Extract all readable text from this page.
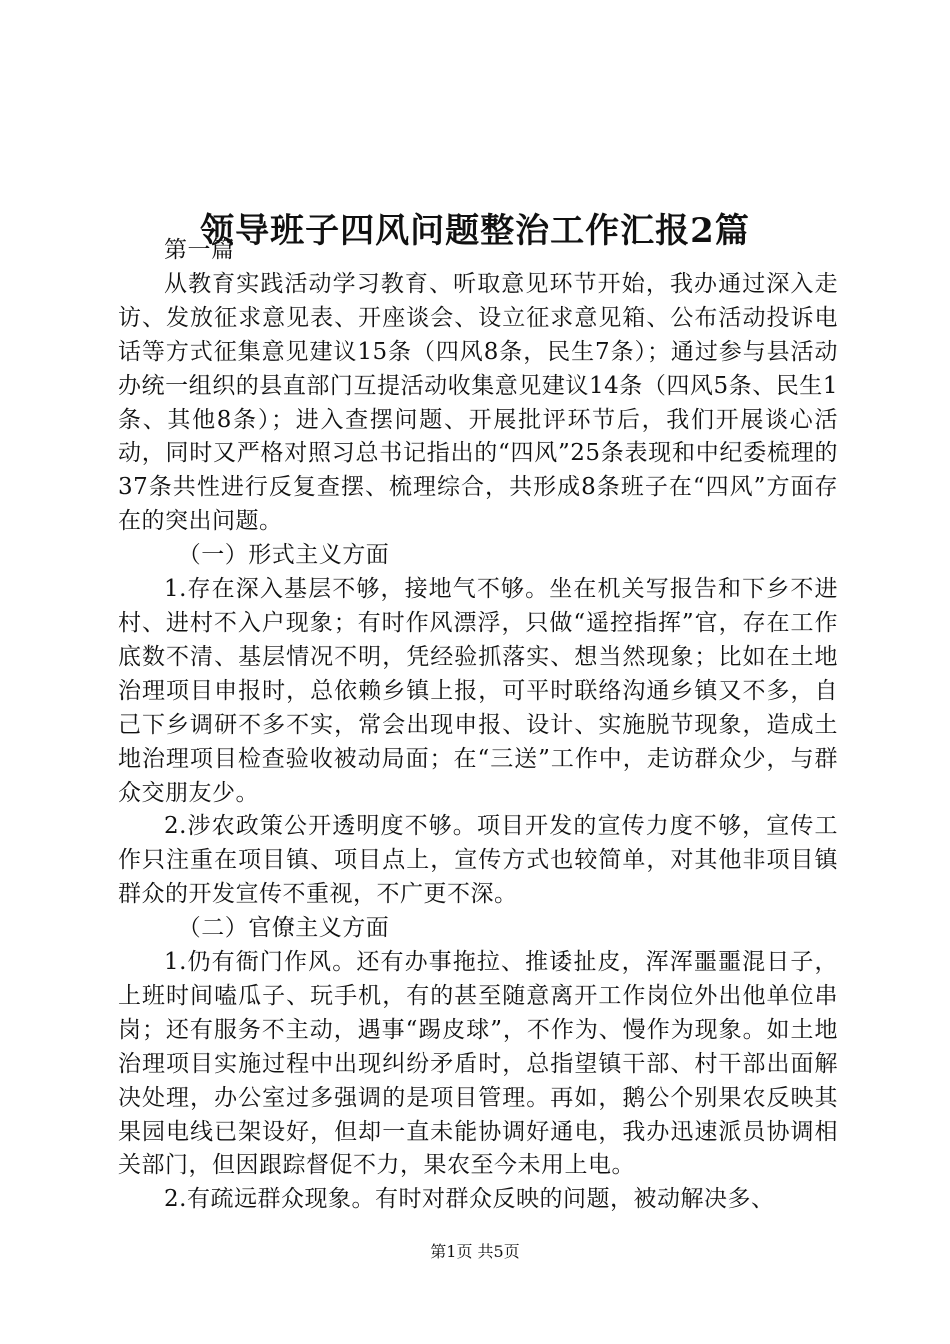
领导班子四风问题整治工作汇报2篇

第一篇

从教育实践活动学习教育、听取意见环节开始，我办通过深入走访、发放征求意见表、开座谈会、设立征求意见箱、公布活动投诉电话等方式征集意见建议15条（四风8条，民生7条）；通过参与县活动办统一组织的县直部门互提活动收集意见建议14条（四风5条、民生1条、其他8条）；进入查摆问题、开展批评环节后，我们开展谈心活动，同时又严格对照习总书记指出的“四风”25条表现和中纪委梳理的37条共性进行反复查摆、梳理综合，共形成8条班子在“四风”方面存在的突出问题。

（一）形式主义方面

1.存在深入基层不够，接地气不够。坐在机关写报告和下乡不进村、进村不入户现象；有时作风漂浮，只做“遥控指挥”官，存在工作底数不清、基层情况不明，凭经验抓落实、想当然现象；比如在土地治理项目申报时，总依赖乡镇上报，可平时联络沟通乡镇又不多，自己下乡调研不多不实，常会出现申报、设计、实施脱节现象，造成土地治理项目检查验收被动局面；在“三送”工作中，走访群众少，与群众交朋友少。

2.涉农政策公开透明度不够。项目开发的宣传力度不够，宣传工作只注重在项目镇、项目点上，宣传方式也较简单，对其他非项目镇群众的开发宣传不重视，不广更不深。

（二）官僚主义方面

1.仍有衙门作风。还有办事拖拉、推诿扯皮，浑浑噩噩混日子，上班时间嗑瓜子、玩手机，有的甚至随意离开工作岗位外出他单位串岗；还有服务不主动，遇事“踢皮球”，不作为、慢作为现象。如土地治理项目实施过程中出现纠纷矛盾时，总指望镇干部、村干部出面解决处理，办公室过多强调的是项目管理。再如，鹅公个别果农反映其果园电线已架设好，但却一直未能协调好通电，我办迅速派员协调相关部门，但因跟踪督促不力，果农至今未用上电。

2.有疏远群众现象。有时对群众反映的问题，被动解决多、

第1页 共5页
